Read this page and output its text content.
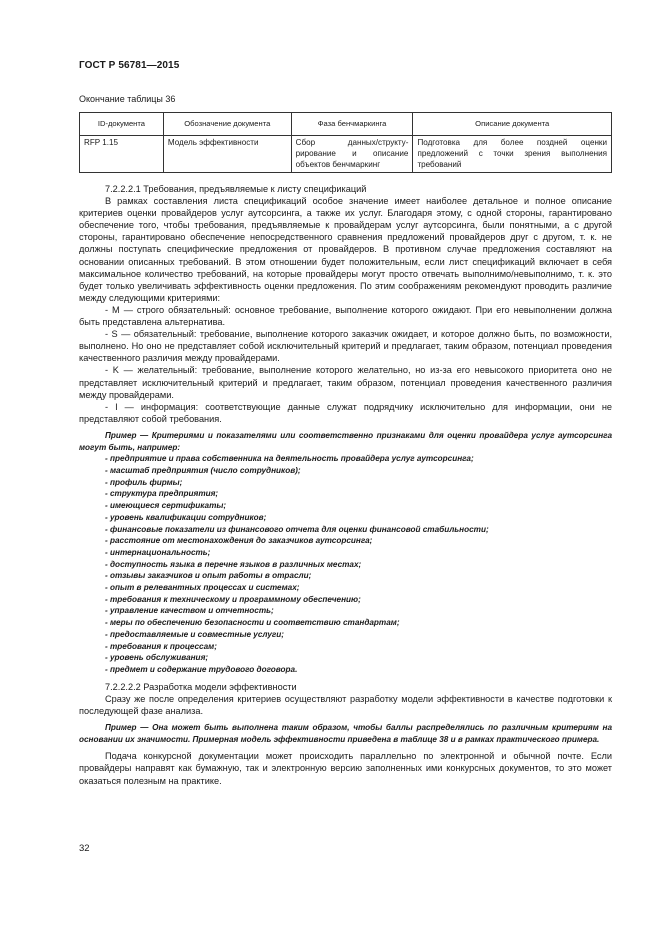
ГОСТ Р 56781—2015
Окончание таблицы 36
ID-документа	Обозначение документа	Фаза бенчмаркинга	Описание документа
RFP 1.15	Модель эффективности	Сбор данных/структурирование и описание объектов бенчмаркинг	Подготовка для более поздней оценки предложений с точки зрения выполнения требований

7.2.2.2.1 Требования, предъявляемые к листу спецификаций

В рамках составления листа спецификаций особое значение имеет наиболее детальное и полное описание критериев оценки провайдеров услуг аутсорсинга, а также их услуг. Благодаря этому, с одной стороны, гарантировано обеспечение того, чтобы требования, предъявляемые к провайдерам услуг аутсорсинга, были понятными, а с другой стороны, гарантировано обеспечение непосредственного сравнения предложений провайдеров друг с другом, т. к. не должны поступать специфические предложения от провайдеров. В противном случае предложения составляют на основании описанных требований. В этом отношении будет положительным, если лист спецификаций включает в себя максимальное количество требований, на которые провайдеры могут просто отвечать выполнимо/невыполнимо, т. к. это будет только увеличивать эффективность оценки предложения. По этим соображениям рекомендуют проводить различие между следующими критериями:

- M — строго обязательный: основное требование, выполнение которого ожидают. При его невыполнении должна быть представлена альтернатива.

- S — обязательный: требование, выполнение которого заказчик ожидает, и которое должно быть, по возможности, выполнено. Но оно не представляет собой исключительный критерий и предлагает, таким образом, потенциал проведения качественного различия между провайдерами.

- K — желательный: требование, выполнение которого желательно, но из-за его невысокого приоритета оно не представляет исключительный критерий и предлагает, таким образом, потенциал проведения качественного различия между провайдерами.

- I — информация: соответствующие данные служат подрядчику исключительно для информации, они не представляют собой требования.

Пример — Критериями и показателями или соответственно признаками для оценки провайдера услуг аутсорсинга могут быть, например:

- предприятие и права собственника на деятельность провайдера услуг аутсорсинга;

- масштаб предприятия (число сотрудников);

- профиль фирмы;

- структура предприятия;

- имеющиеся сертификаты;

- уровень квалификации сотрудников;

- финансовые показатели из финансового отчета для оценки финансовой стабильности;

- расстояние от местонахождения до заказчиков аутсорсинга;

- интернациональность;

- доступность языка в перечне языков в различных местах;

- отзывы заказчиков и опыт работы в отрасли;

- опыт в релевантных процессах и системах;

- требования к техническому и программному обеспечению;

- управление качеством и отчетность;

- меры по обеспечению безопасности и соответствию стандартам;

- предоставляемые и совместные услуги;

- требования к процессам;

- уровень обслуживания;

- предмет и содержание трудового договора.

7.2.2.2.2 Разработка модели эффективности

Сразу же после определения критериев осуществляют разработку модели эффективности в качестве подготовки к последующей фазе анализа.

Пример — Она может быть выполнена таким образом, чтобы баллы распределялись по различным критериям на основании их значимости. Примерная модель эффективности приведена в таблице 38 и в рамках практического примера.

Подача конкурсной документации может происходить параллельно по электронной и обычной почте. Если провайдеры направят как бумажную, так и электронную версию заполненных ими конкурсных документов, то это может оказаться полезным на практике.

32
